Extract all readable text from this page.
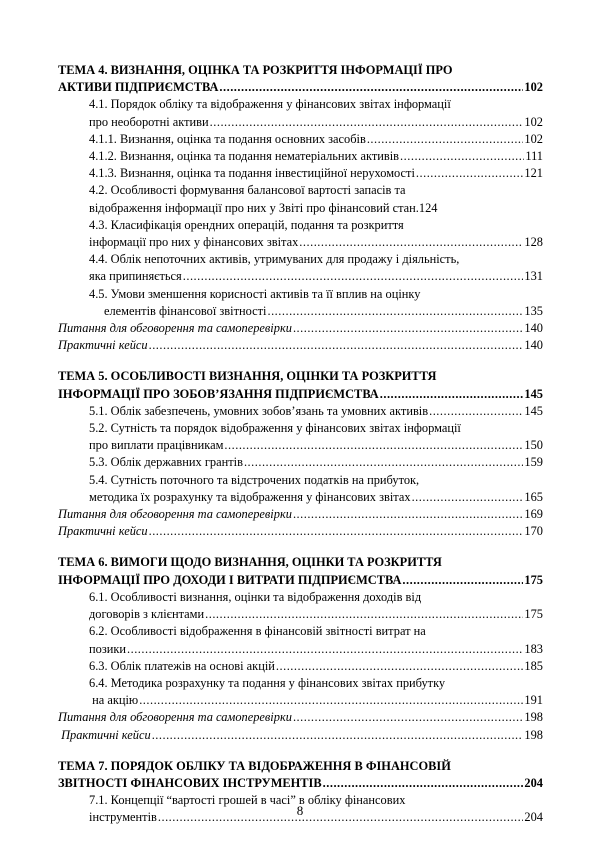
ТЕМА 4. ВИЗНАННЯ, ОЦІНКА ТА РОЗКРИТТЯ ІНФОРМАЦІЇ ПРО
АКТИВИ ПІДПРИЄМСТВА .....	102
4.1. Порядок обліку та відображення у фінансових звітах інформації
про необоротні активи .....	102
4.1.1. Визнання, оцінка та подання основних засобів .....	102
4.1.2. Визнання, оцінка та подання нематеріальних активів .....	111
4.1.3. Визнання, оцінка та подання інвестиційної нерухомості .....	121
4.2. Особливості формування балансової вартості запасів та
відображення інформації про них у Звіті про фінансовий стан.124
4.3. Класифікація орендних операцій, подання та розкриття
інформації про них у фінансових звітах .....	128
4.4. Облік непоточних активів, утримуваних для продажу і діяльність,
яка припиняється .....	131
4.5. Умови зменшення корисності активів та її вплив на оцінку
елементів фінансової звітності .....	135
Питання для обговорення та самоперевірки .....	140
Практичні кейси .....	140
ТЕМА 5. ОСОБЛИВОСТІ ВИЗНАННЯ, ОЦІНКИ ТА РОЗКРИТТЯ
ІНФОРМАЦІЇ ПРО ЗОБОВ’ЯЗАННЯ ПІДПРИЄМСТВА .....	145
5.1. Облік забезпечень, умовних зобов’язань та умовних активів .....	145
5.2. Сутність та порядок відображення у фінансових звітах інформації
про виплати працівникам .....	150
5.3. Облік державних грантів .....	159
5.4. Сутність поточного та відстрочених податків на прибуток,
методика їх розрахунку та відображення у фінансових звітах .....	165
Питання для обговорення та самоперевірки .....	169
Практичні кейси .....	170
ТЕМА 6. ВИМОГИ ЩОДО ВИЗНАННЯ, ОЦІНКИ ТА РОЗКРИТТЯ
ІНФОРМАЦІЇ ПРО ДОХОДИ І ВИТРАТИ ПІДПРИЄМСТВА .....	175
6.1. Особливості визнання, оцінки та відображення доходів від
договорів з клієнтами .....	175
6.2. Особливості відображення в фінансовій звітності витрат на
позики .....	183
6.3. Облік платежів на основі акцій .....	185
6.4. Методика розрахунку та подання у фінансових звітах прибутку
на акцію .....	191
Питання для обговорення та самоперевірки .....	198
Практичні кейси .....	198
ТЕМА 7. ПОРЯДОК ОБЛІКУ ТА ВІДОБРАЖЕННЯ В ФІНАНСОВІЙ
ЗВІТНОСТІ ФІНАНСОВИХ ІНСТРУМЕНТІВ .....	204
7.1. Концепції “вартості грошей в часі” в обліку фінансових
інструментів .....	204
8
